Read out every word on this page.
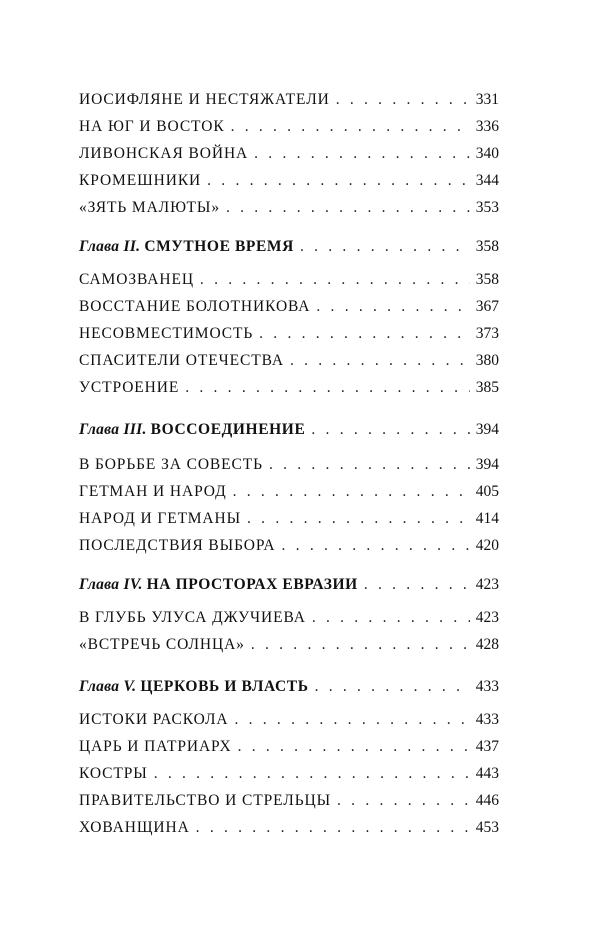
ИОСИФЛЯНЕ И НЕСТЯЖАТЕЛИ . . .	331
НА ЮГ И ВОСТОК . . .	336
ЛИВОНСКАЯ ВОЙНА . . .	340
КРОМЕШНИКИ . . .	344
«ЗЯТЬ МАЛЮТЫ» . . .	353
Глава II. СМУТНОЕ ВРЕМЯ . . .	358
САМОЗВАНЕЦ . . .	358
ВОССТАНИЕ БОЛОТНИКОВА . . .	367
НЕСОВМЕСТИМОСТЬ . . .	373
СПАСИТЕЛИ ОТЕЧЕСТВА . . .	380
УСТРОЕНИЕ . . .	385
Глава III. ВОССОЕДИНЕНИЕ . . .	394
В БОРЬБЕ ЗА СОВЕСТЬ . . .	394
ГЕТМАН И НАРОД . . .	405
НАРОД И ГЕТМАНЫ . . .	414
ПОСЛЕДСТВИЯ ВЫБОРА . . .	420
Глава IV. НА ПРОСТОРАХ ЕВРАЗИИ . . .	423
В ГЛУБЬ УЛУСА ДЖУЧИЕВА . . .	423
«ВСТРЕЧЬ СОЛНЦА» . . .	428
Глава V. ЦЕРКОВЬ И ВЛАСТЬ . . .	433
ИСТОКИ РАСКОЛА . . .	433
ЦАРЬ И ПАТРИАРХ . . .	437
КОСТРЫ . . .	443
ПРАВИТЕЛЬСТВО И СТРЕЛЬЦЫ . . .	446
ХОВАНЩИНА . . .	453
